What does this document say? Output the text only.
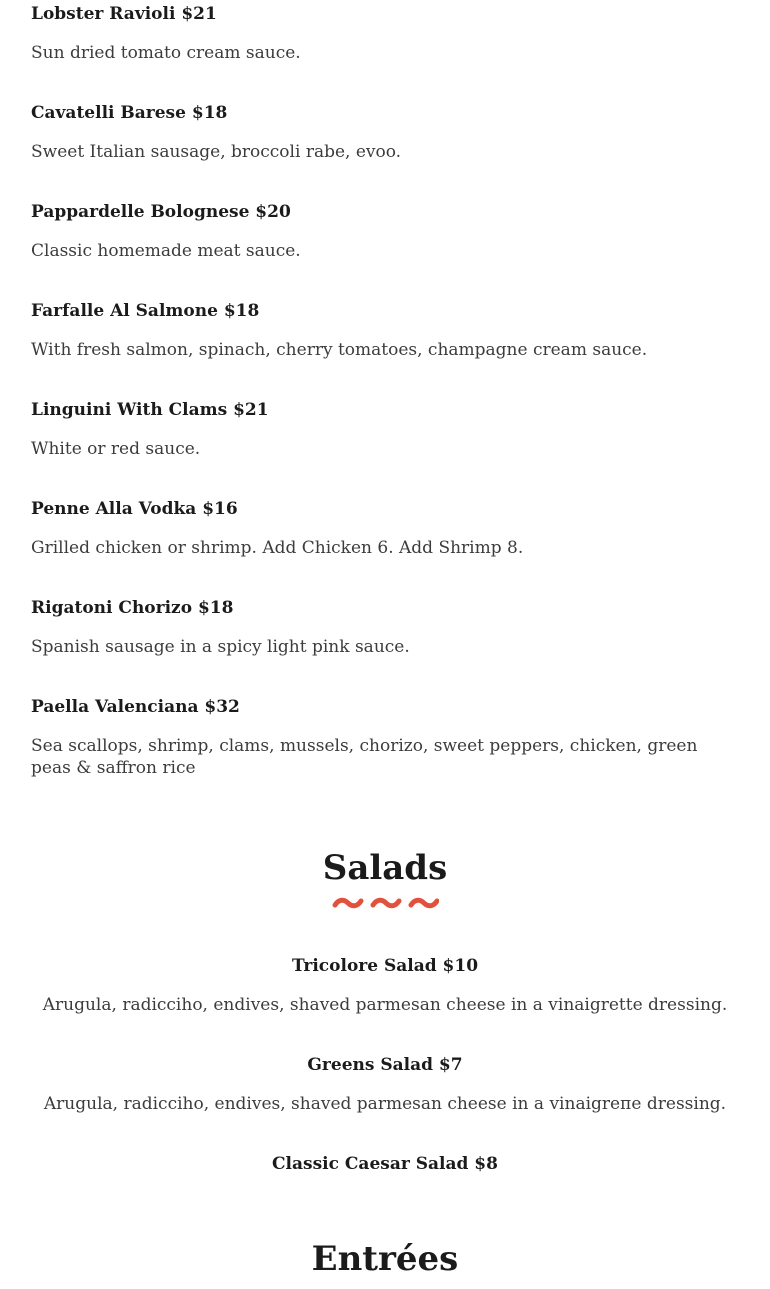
Lobster Ravioli $21

Sun dried tomato cream sauce.

Cavatelli Barese $18

Sweet Italian sausage, broccoli rabe, evoo.

Pappardelle Bolognese $20

Classic homemade meat sauce.

Farfalle Al Salmone $18

With fresh salmon, spinach, cherry tomatoes, champagne cream sauce.

Linguini With Clams $21

White or red sauce.

Penne Alla Vodka $16

Grilled chicken or shrimp. Add Chicken 6. Add Shrimp 8.

Rigatoni Chorizo $18

Spanish sausage in a spicy light pink sauce.

Paella Valenciana $32

Sea scallops, shrimp, clams, mussels, chorizo, sweet peppers, chicken, green peas & saffron rice

Salads
Tricolore Salad $10

Arugula, radicciho, endives, shaved parmesan cheese in a vinaigrette dressing.

Greens Salad $7

Arugula, radicciho, endives, shaved parmesan cheese in a vinaigreпe dressing.

Classic Caesar Salad $8
Entrées
